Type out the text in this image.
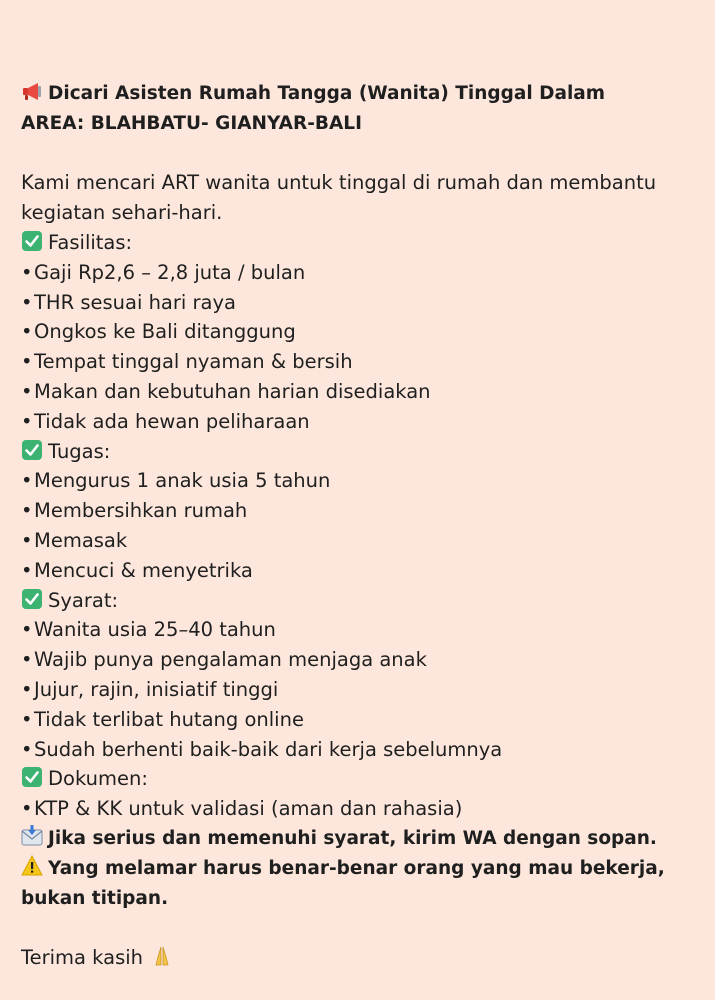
Dicari Asisten Rumah Tangga (Wanita) Tinggal Dalam
AREA: BLAHBATU- GIANYAR-BALI
Kami mencari ART wanita untuk tinggal di rumah dan membantu
kegiatan sehari-hari.
Fasilitas:
•Gaji Rp2,6 – 2,8 juta / bulan
•THR sesuai hari raya
•Ongkos ke Bali ditanggung
•Tempat tinggal nyaman & bersih
•Makan dan kebutuhan harian disediakan
•Tidak ada hewan peliharaan
Tugas:
•Mengurus 1 anak usia 5 tahun
•Membersihkan rumah
•Memasak
•Mencuci & menyetrika
Syarat:
•Wanita usia 25–40 tahun
•Wajib punya pengalaman menjaga anak
•Jujur, rajin, inisiatif tinggi
•Tidak terlibat hutang online
•Sudah berhenti baik-baik dari kerja sebelumnya
Dokumen:
•KTP & KK untuk validasi (aman dan rahasia)
Jika serius dan memenuhi syarat, kirim WA dengan sopan.
Yang melamar harus benar-benar orang yang mau bekerja,
bukan titipan.
Terima kasih
